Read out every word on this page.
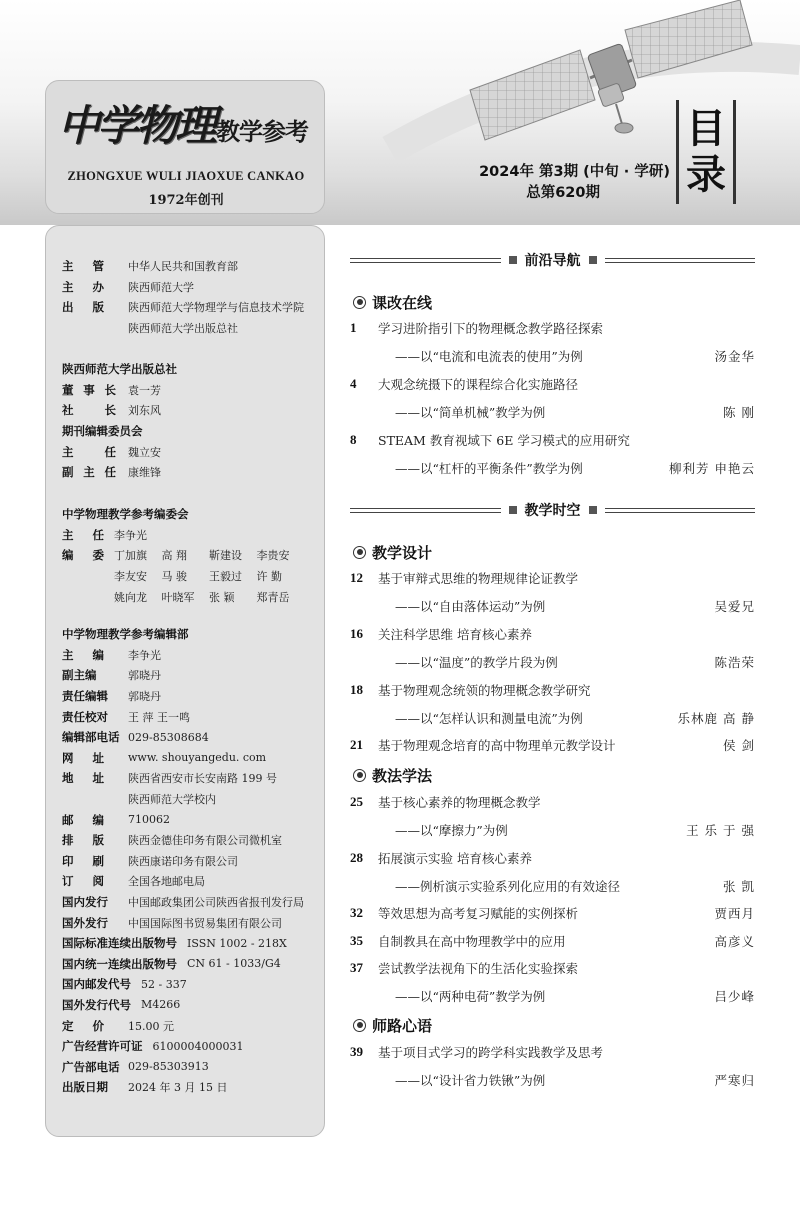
中学物理 教学参考
ZHONGXUE WULI JIAOXUE CANKAO
1972年创刊
2024年 第3期 (中旬 · 学研)
总第620期
目
录
主 管 中华人民共和国教育部
主 办 陕西师范大学
出 版 陕西师范大学物理学与信息技术学院
陕西师范大学出版总社
陕西师范大学出版总社
董 事 长 袁一芳
社	长 刘东风
期刊编辑委员会
主	任 魏立安
副 主 任 康维锋
中学物理教学参考编委会
主 任 李争光
编 委 丁加旗	高 翔	靳建设	李贵安
李友安	马 骏	王毅过	许 勤
姚向龙	叶晓军	张 颖	郑青岳
中学物理教学参考编辑部
主 编 李争光
副主编	郭晓丹
责任编辑	郭晓丹
责任校对	王 萍 王一鸣
编辑部电话 029-85308684
网 址 www. shouyangedu. com
地 址 陕西省西安市长安南路 199 号
陕西师范大学校内
邮 编 710062
排 版 陕西金德佳印务有限公司微机室
印 刷 陕西康诺印务有限公司
订 阅 全国各地邮电局
国内发行	中国邮政集团公司陕西省报刊发行局
国外发行	中国国际图书贸易集团有限公司
国际标准连续出版物号 ISSN 1002 - 218X
国内统一连续出版物号 CN 61 - 1033/G4
国内邮发代号 52 - 337
国外发行代号 M4266
定 价 15.00 元
广告经营许可证 6100004000031
广告部电话 029-85303913
出版日期	2024 年 3 月 15 日
前沿导航
课改在线
教学时空
教学设计
教法学法
师路心语
1	学习进阶指引下的物理概念教学路径探索
——以“电流和电流表的使用”为例	汤金华
4	大观念统摄下的课程综合化实施路径
——以“简单机械”教学为例	陈 刚
8	STEAM 教育视域下 6E 学习模式的应用研究
——以“杠杆的平衡条件”教学为例	柳利芳 申艳云
12	基于审辩式思维的物理规律论证教学
——以“自由落体运动”为例	吴爱兄
16	关注科学思维 培育核心素养
——以“温度”的教学片段为例	陈浩荣
18	基于物理观念统领的物理概念教学研究
——以“怎样认识和测量电流”为例	乐林鹿 高 静
21	基于物理观念培育的高中物理单元教学设计	侯 剑
25	基于核心素养的物理概念教学
——以“摩擦力”为例	王 乐 于 强
28	拓展演示实验 培育核心素养
——例析演示实验系列化应用的有效途径	张 凯
32	等效思想为高考复习赋能的实例探析	贾西月
35	自制教具在高中物理教学中的应用	高彦义
37	尝试教学法视角下的生活化实验探索
——以“两种电荷”教学为例	吕少峰
39	基于项目式学习的跨学科实践教学及思考
——以“设计省力铁锹”为例	严寒归
